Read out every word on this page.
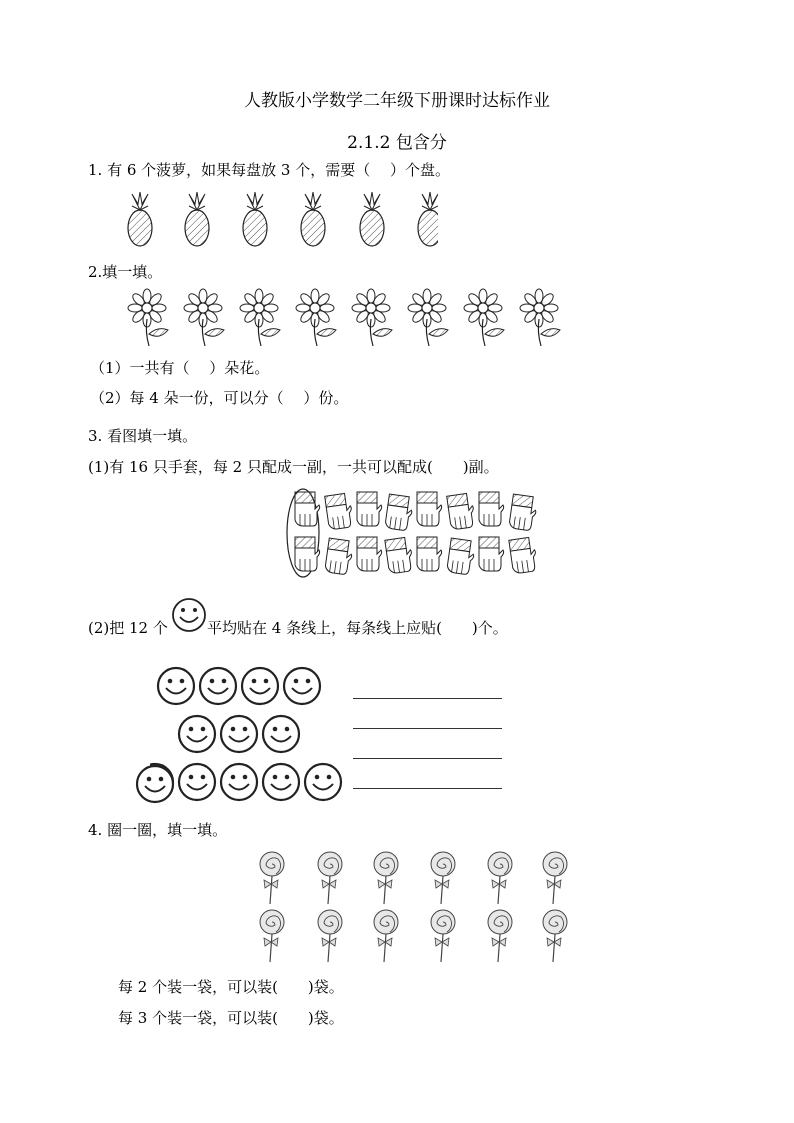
人教版小学数学二年级下册课时达标作业
2.1.2 包含分
1. 有 6 个菠萝，如果每盘放 3 个，需要（　 ）个盘。
2.填一填。
（1）一共有（　 ）朵花。
（2）每 4 朵一份，可以分（　 ）份。
3. 看图填一填。
(1)有 16 只手套，每 2 只配成一副，一共可以配成(　　)副。
(2)把 12 个	平均贴在 4 条线上，每条线上应贴(　　)个。
4. 圈一圈，填一填。
每 2 个装一袋，可以装(　　)袋。
每 3 个装一袋，可以装(　　)袋。
